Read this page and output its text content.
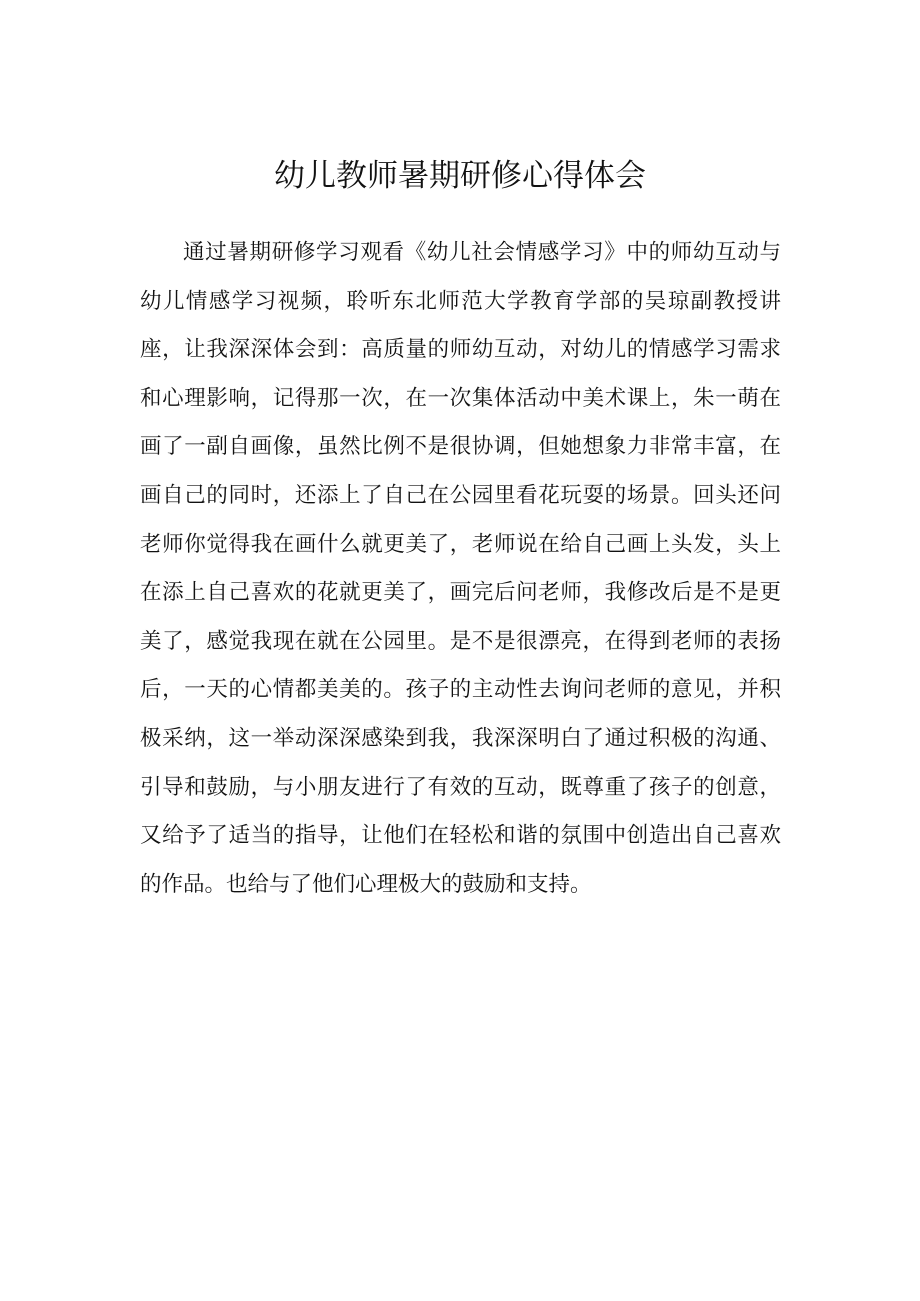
幼儿教师暑期研修心得体会

通过暑期研修学习观看《幼儿社会情感学习》中的师幼互动与幼儿情感学习视频，聆听东北师范大学教育学部的吴琼副教授讲座，让我深深体会到：高质量的师幼互动，对幼儿的情感学习需求和心理影响，记得那一次，在一次集体活动中美术课上，朱一萌在画了一副自画像，虽然比例不是很协调，但她想象力非常丰富，在画自己的同时，还添上了自己在公园里看花玩耍的场景。回头还问老师你觉得我在画什么就更美了，老师说在给自己画上头发，头上在添上自己喜欢的花就更美了，画完后问老师，我修改后是不是更美了，感觉我现在就在公园里。是不是很漂亮，在得到老师的表扬后，一天的心情都美美的。孩子的主动性去询问老师的意见，并积极采纳，这一举动深深感染到我，我深深明白了通过积极的沟通、引导和鼓励，与小朋友进行了有效的互动，既尊重了孩子的创意，又给予了适当的指导，让他们在轻松和谐的氛围中创造出自己喜欢的作品。也给与了他们心理极大的鼓励和支持。
